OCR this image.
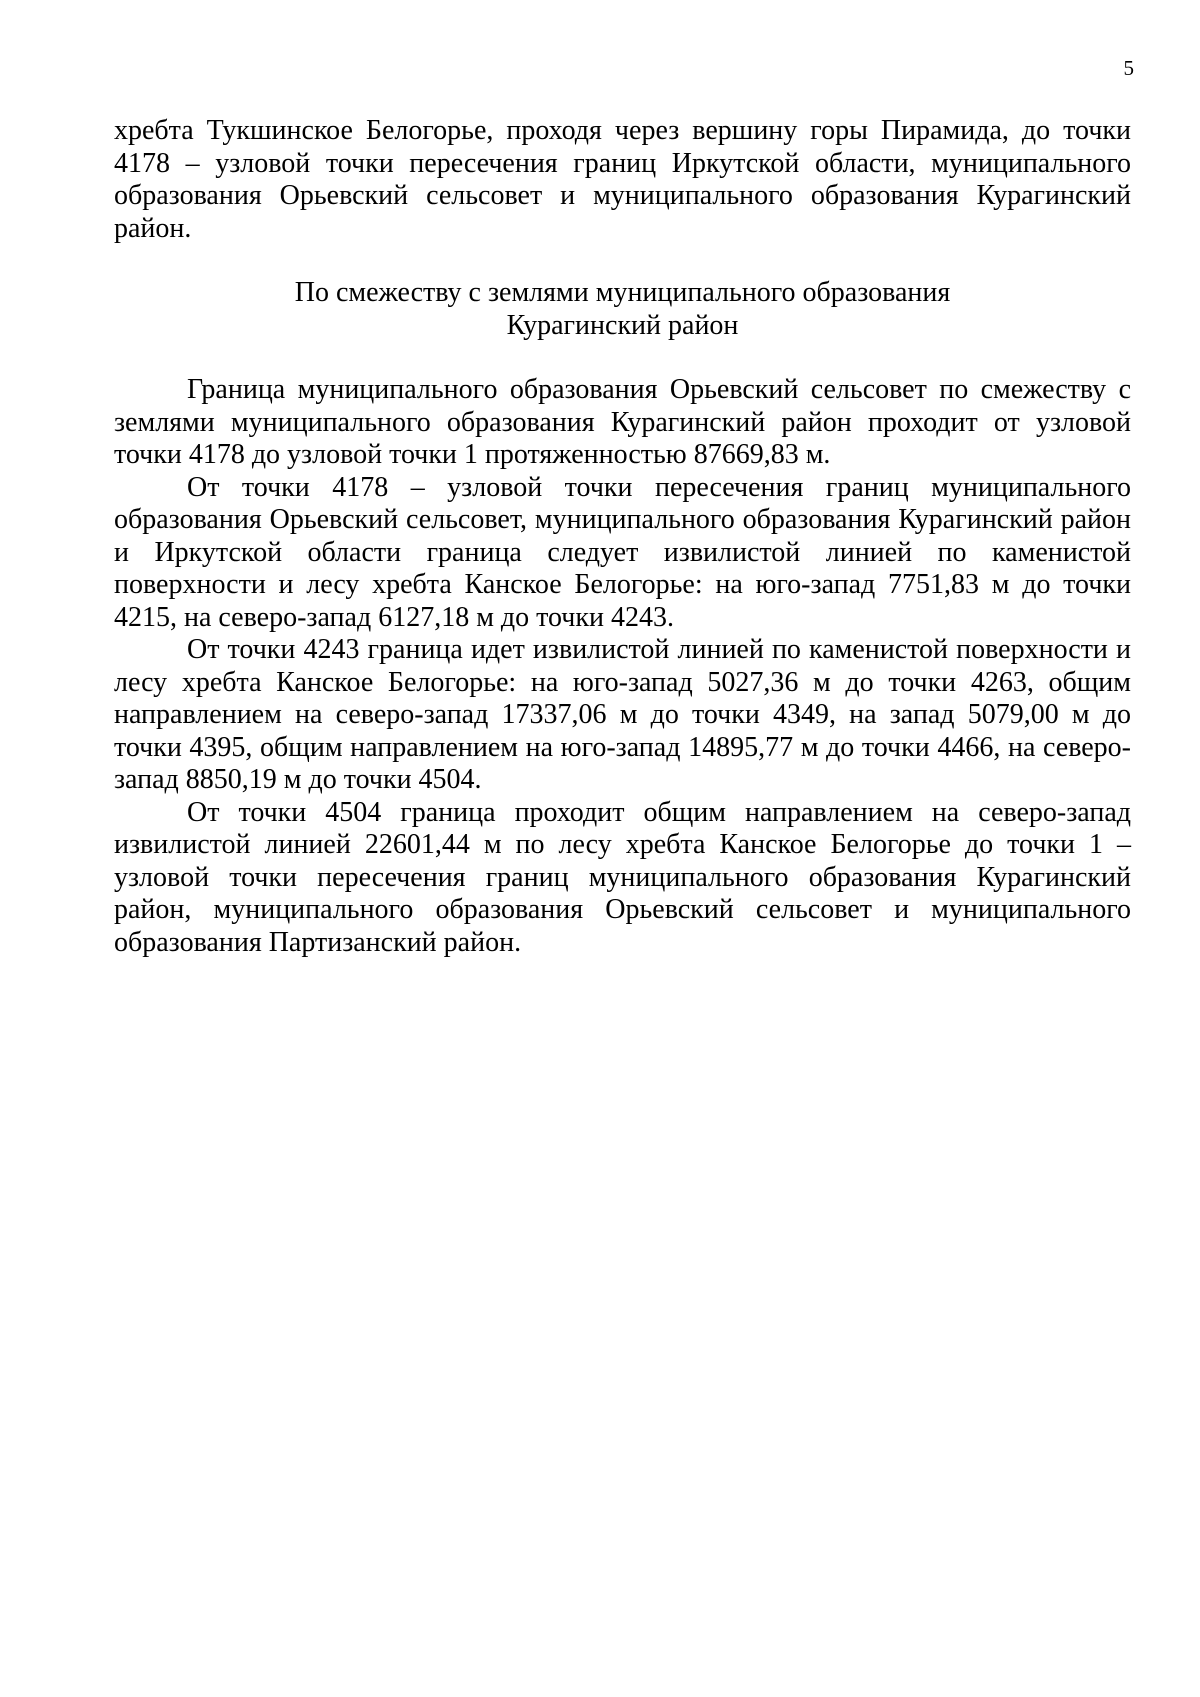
5

хребта Тукшинское Белогорье, проходя через вершину горы Пирамида, до точки 4178 – узловой точки пересечения границ Иркутской области, муниципального образования Орьевский сельсовет и муниципального образования Курагинский район.

По смежеству с землями муниципального образования
Курагинский район

Граница муниципального образования Орьевский сельсовет по смежеству с землями муниципального образования Курагинский район проходит от узловой точки 4178 до узловой точки 1 протяженностью 87669,83 м.

От точки 4178 – узловой точки пересечения границ муниципального образования Орьевский сельсовет, муниципального образования Курагинский район и Иркутской области граница следует извилистой линией по каменистой поверхности и лесу хребта Канское Белогорье: на юго-запад 7751,83 м до точки 4215, на северо-запад 6127,18 м до точки 4243.

От точки 4243 граница идет извилистой линией по каменистой поверхности и лесу хребта Канское Белогорье: на юго-запад 5027,36 м до точки 4263, общим направлением на северо-запад 17337,06 м до точки 4349, на запад 5079,00 м до точки 4395, общим направлением на юго-запад 14895,77 м до точки 4466, на северо-запад 8850,19 м до точки 4504.

От точки 4504 граница проходит общим направлением на северо-запад извилистой линией 22601,44 м по лесу хребта Канское Белогорье до точки 1 – узловой точки пересечения границ муниципального образования Курагинский район, муниципального образования Орьевский сельсовет и муниципального образования Партизанский район.
